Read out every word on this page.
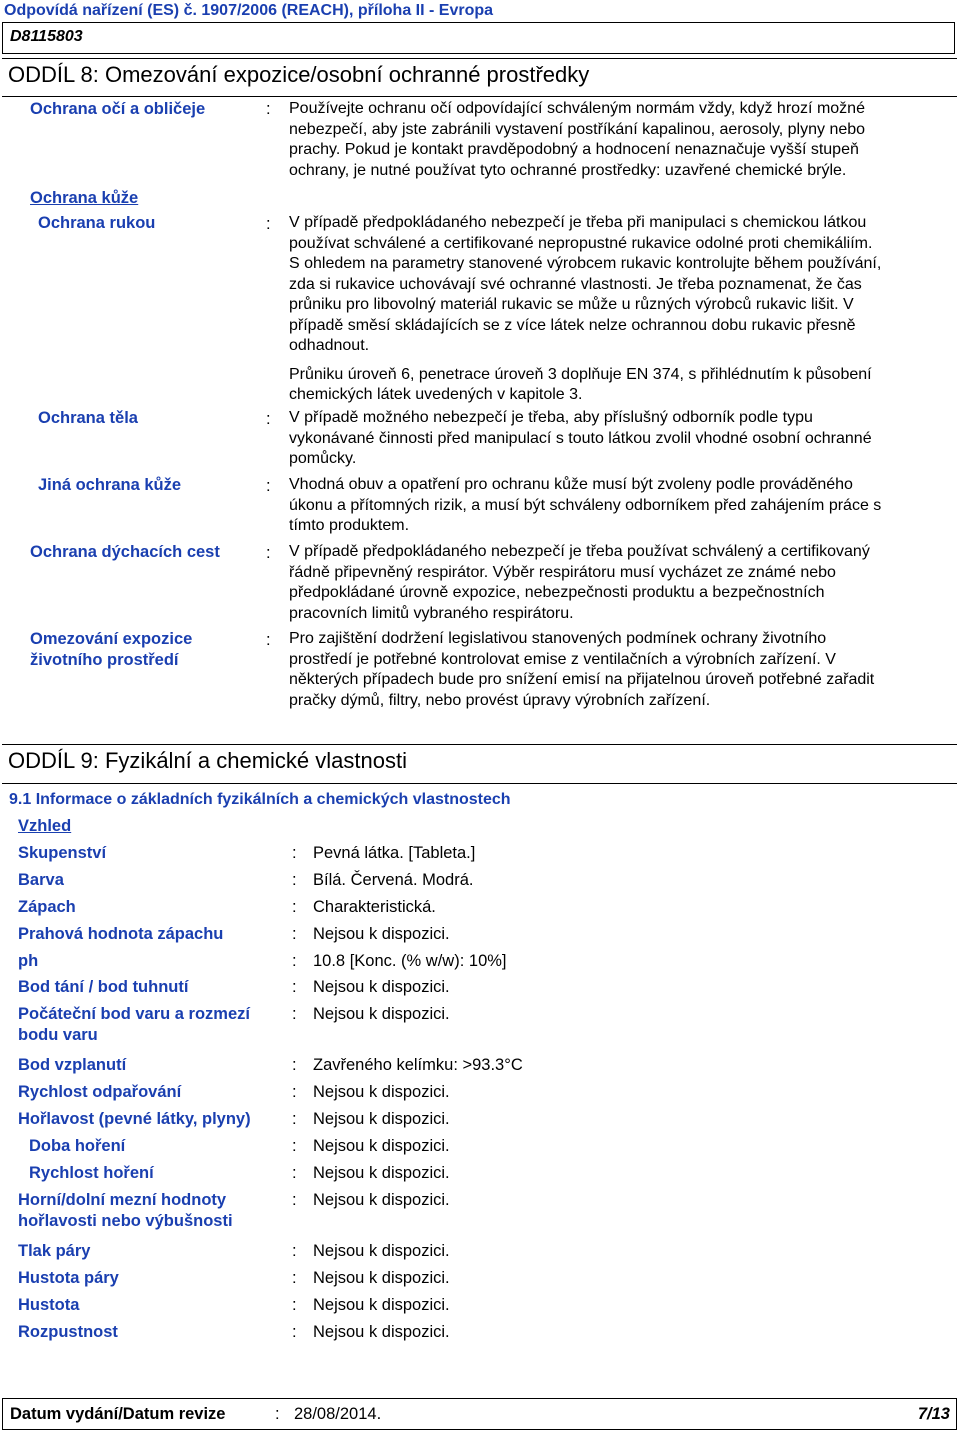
Odpovídá nařízení (ES) č. 1907/2006 (REACH), příloha II - Evropa
D8115803
ODDÍL 8: Omezování expozice/osobní ochranné prostředky
Ochrana očí a obličeje	: Používejte ochranu očí odpovídající schváleným normám vždy, když hrozí možné
nebezpečí, aby jste zabránili vystavení postříkání kapalinou, aerosoly, plyny nebo
prachy. Pokud je kontakt pravděpodobný a hodnocení nenaznačuje vyšší stupeň
ochrany, je nutné používat tyto ochranné prostředky: uzavřené chemické brýle.
Ochrana kůže
Ochrana rukou	: V případě předpokládaného nebezpečí je třeba při manipulaci s chemickou látkou
používat schválené a certifikované nepropustné rukavice odolné proti chemikáliím.
S ohledem na parametry stanovené výrobcem rukavic kontrolujte během používání,
zda si rukavice uchovávají své ochranné vlastnosti. Je třeba poznamenat, že čas
průniku pro libovolný materiál rukavic se může u různých výrobců rukavic lišit. V
případě směsí skládajících se z více látek nelze ochrannou dobu rukavic přesně
odhadnout.
Průniku úroveň 6, penetrace úroveň 3 doplňuje EN 374, s přihlédnutím k působení
chemických látek uvedených v kapitole 3.
Ochrana těla	: V případě možného nebezpečí je třeba, aby příslušný odborník podle typu
vykonávané činnosti před manipulací s touto látkou zvolil vhodné osobní ochranné
pomůcky.
Jiná ochrana kůže	: Vhodná obuv a opatření pro ochranu kůže musí být zvoleny podle prováděného
úkonu a přítomných rizik, a musí být schváleny odborníkem před zahájením práce s
tímto produktem.
Ochrana dýchacích cest	: V případě předpokládaného nebezpečí je třeba používat schválený a certifikovaný
řádně připevněný respirátor. Výběr respirátoru musí vycházet ze známé nebo
předpokládané úrovně expozice, nebezpečnosti produktu a bezpečnostních
pracovních limitů vybraného respirátoru.
Omezování expozice
životního prostředí
: Pro zajištění dodržení legislativou stanovených podmínek ochrany životního
prostředí je potřebné kontrolovat emise z ventilačních a výrobních zařízení. V
některých případech bude pro snížení emisí na přijatelnou úroveň potřebné zařadit
pračky dýmů, filtry, nebo provést úpravy výrobních zařízení.
ODDÍL 9: Fyzikální a chemické vlastnosti
9.1 Informace o základních fyzikálních a chemických vlastnostech
Vzhled
Skupenství	: Pevná látka. [Tableta.]
Barva	: Bílá. Červená. Modrá.
Zápach	: Charakteristická.
Prahová hodnota zápachu	: Nejsou k dispozici.
ph	: 10.8 [Konc. (% w/w): 10%]
Bod tání / bod tuhnutí	: Nejsou k dispozici.
Počáteční bod varu a rozmezí
bodu varu
: Nejsou k dispozici.
Bod vzplanutí	: Zavřeného kelímku: >93.3°C
Rychlost odpařování	: Nejsou k dispozici.
Hořlavost (pevné látky, plyny)	: Nejsou k dispozici.
Doba hoření	: Nejsou k dispozici.
Rychlost hoření	: Nejsou k dispozici.
Horní/dolní mezní hodnoty
hořlavosti nebo výbušnosti
: Nejsou k dispozici.
Tlak páry	: Nejsou k dispozici.
Hustota páry	: Nejsou k dispozici.
Hustota	: Nejsou k dispozici.
Rozpustnost	: Nejsou k dispozici.
Datum vydání/Datum revize	: 28/08/2014.	7/13
